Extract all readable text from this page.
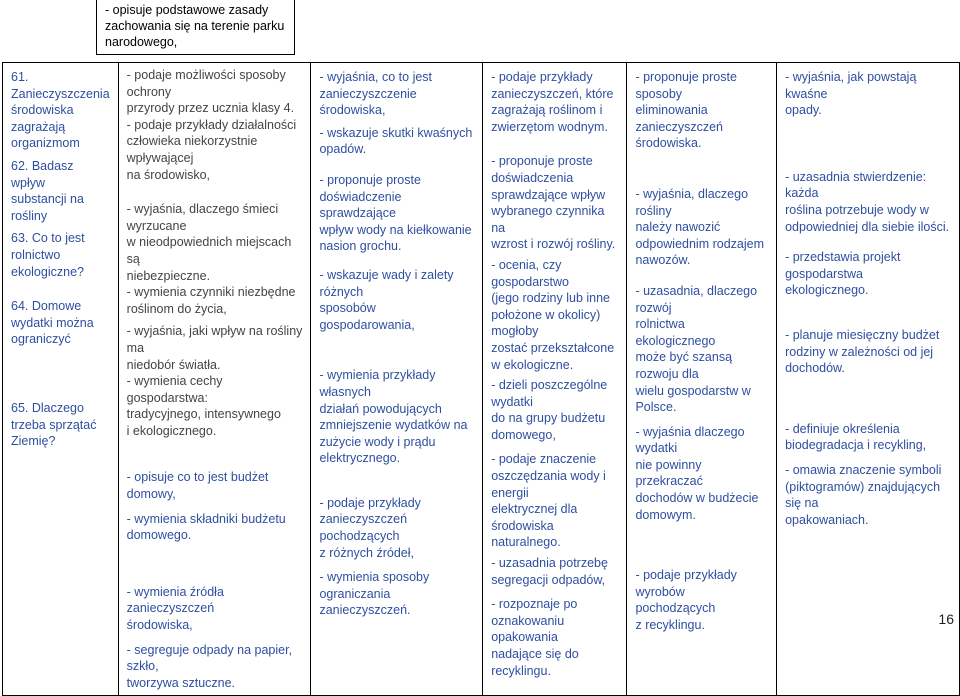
- opisuje podstawowe zasady
zachowania się na terenie parku
narodowego,
61.
Zanieczyszczenia
środowiska
zagrażają
organizmom
62. Badasz wpływ
substancji na
rośliny
63. Co to jest
rolnictwo
ekologiczne?
64. Domowe
wydatki można
ograniczyć
65. Dlaczego
trzeba sprzątać
Ziemię?

- podaje możliwości sposoby ochrony
przyrody przez ucznia klasy 4.
- podaje przykłady działalności
człowieka niekorzystnie wpływającej
na środowisko,
- wyjaśnia, dlaczego śmieci wyrzucane
w nieodpowiednich miejscach są
niebezpieczne.
- wymienia czynniki niezbędne
roślinom do życia,
- wyjaśnia, jaki wpływ na rośliny ma
niedobór światła.
- wymienia cechy gospodarstwa:
tradycyjnego, intensywnego
i ekologicznego.
- opisuje co to jest budżet domowy,
- wymienia składniki budżetu
domowego.
- wymienia źródła zanieczyszczeń
środowiska,
- segreguje odpady na papier, szkło,
tworzywa sztuczne.

- wyjaśnia, co to jest
zanieczyszczenie środowiska,
- wskazuje skutki kwaśnych
opadów.
- proponuje proste
doświadczenie sprawdzające
wpływ wody na kiełkowanie
nasion grochu.
- wskazuje wady i zalety różnych
sposobów gospodarowania,
- wymienia przykłady własnych
działań powodujących
zmniejszenie wydatków na
zużycie wody i prądu
elektrycznego.
- podaje przykłady
zanieczyszczeń pochodzących
z różnych źródeł,
- wymienia sposoby ograniczania
zanieczyszczeń.

- podaje przykłady
zanieczyszczeń, które
zagrażają roślinom i
zwierzętom wodnym.
- proponuje proste
doświadczenia
sprawdzające wpływ
wybranego czynnika na
wzrost i rozwój rośliny.
- ocenia, czy gospodarstwo
(jego rodziny lub inne
położone w okolicy) mogłoby
zostać przekształcone
w ekologiczne.
- dzieli poszczególne wydatki
do na grupy budżetu
domowego,
- podaje znaczenie
oszczędzania wody i energii
elektrycznej dla środowiska
naturalnego.
- uzasadnia potrzebę
segregacji odpadów,
- rozpoznaje po
oznakowaniu opakowania
nadające się do recyklingu.

- proponuje proste sposoby
eliminowania
zanieczyszczeń środowiska.
- wyjaśnia, dlaczego rośliny
należy nawozić
odpowiednim rodzajem
nawozów.
- uzasadnia, dlaczego rozwój
rolnictwa ekologicznego
może być szansą rozwoju dla
wielu gospodarstw w
Polsce.
- wyjaśnia dlaczego wydatki
nie powinny przekraczać
dochodów w budżecie
domowym.
- podaje przykłady
wyrobów pochodzących
z recyklingu.

- wyjaśnia, jak powstają kwaśne
opady.
- uzasadnia stwierdzenie: każda
roślina potrzebuje wody w
odpowiedniej dla siebie ilości.
- przedstawia projekt gospodarstwa
ekologicznego.
- planuje miesięczny budżet
rodziny w zależności od jej
dochodów.
- definiuje określenia
biodegradacja i recykling,
- omawia znaczenie symboli
(piktogramów) znajdujących się na
opakowaniach.
16
